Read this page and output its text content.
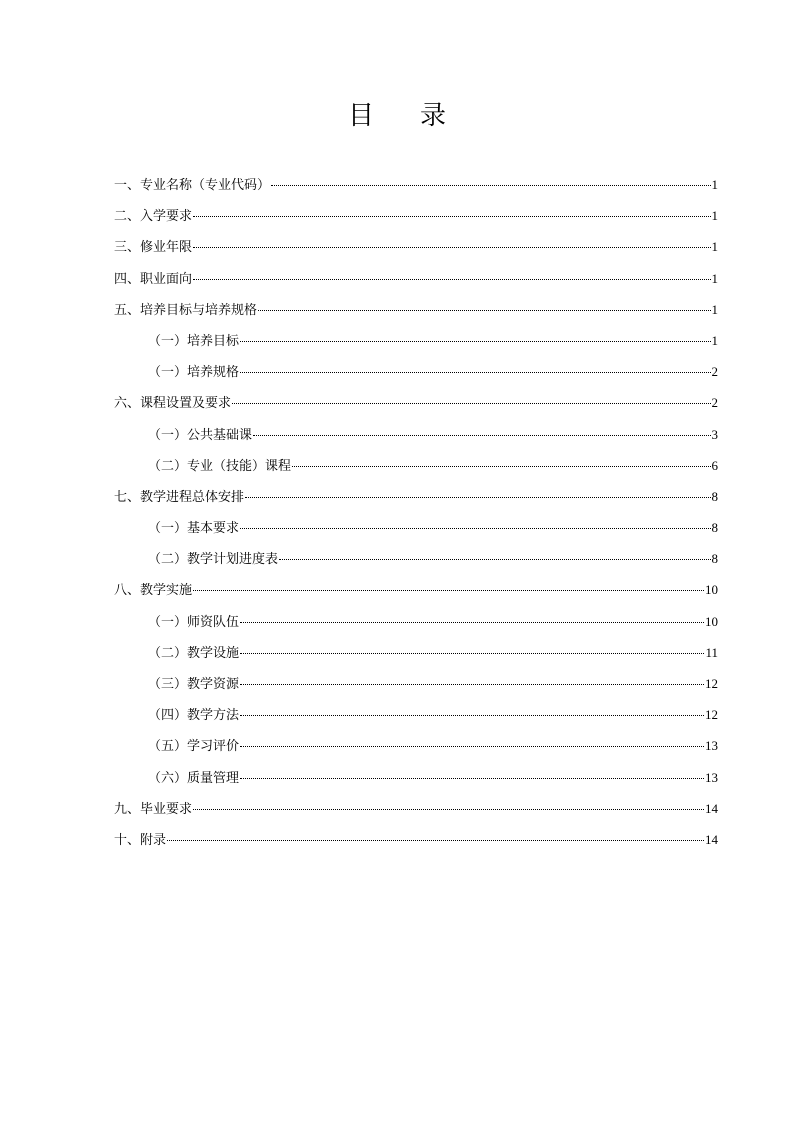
目 录
一、专业名称（专业代码）	1
二、入学要求	1
三、修业年限	1
四、职业面向	1
五、培养目标与培养规格	1
（一）培养目标	1
（一）培养规格	2
六、课程设置及要求	2
（一）公共基础课	3
（二）专业（技能）课程	6
七、教学进程总体安排	8
（一）基本要求	8
（二）教学计划进度表	8
八、教学实施	10
（一）师资队伍	10
（二）教学设施	11
（三）教学资源	12
（四）教学方法	12
（五）学习评价	13
（六）质量管理	13
九、毕业要求	14
十、附录	14
